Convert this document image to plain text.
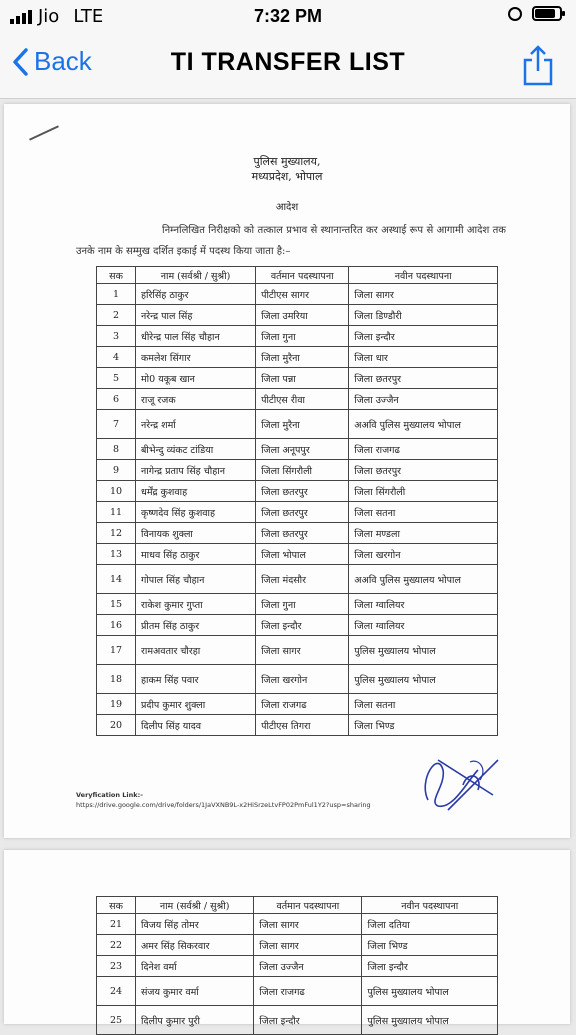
Jio LTE	7:32 PM
Back	TI TRANSFER LIST
पुलिस मुख्यालय,
मध्यप्रदेश, भोपाल
आदेश
निम्नलिखित निरीक्षको को तत्काल प्रभाव से स्थानान्तरित कर अस्थाई रूप से आगामी आदेश तक उनके नाम के सम्मुख दर्शित इकाई में पदस्थ किया जाता है:–
सक	नाम (सर्वश्री / सुश्री)	वर्तमान पदस्थापना	नवीन पदस्थापना
1	हरिसिंह ठाकुर	पीटीएस सागर	जिला सागर
2	नरेन्द्र पाल सिंह	जिला उमरिया	जिला डिण्डौरी
3	धीरेन्द्र पाल सिंह चौहान	जिला गुना	जिला इन्दौर
4	कमलेश सिंगार	जिला मुरैना	जिला धार
5	मो0 यकूब खान	जिला पन्ना	जिला छतरपुर
6	राजू रजक	पीटीएस रीवा	जिला उज्जैन
7	नरेन्द्र शर्मा	जिला मुरैना	अअवि पुलिस मुख्यालय भोपाल
8	बीभेन्दु व्यंकट टांडिया	जिला अनूपपुर	जिला राजगढ
9	नागेन्द्र प्रताप सिंह चौहान	जिला सिंगरौली	जिला छतरपुर
10	धर्मेंद्र कुशवाह	जिला छतरपुर	जिला सिंगरौली
11	कृष्णदेव सिंह कुशवाह	जिला छतरपुर	जिला सतना
12	विनायक शुक्ला	जिला छतरपुर	जिला मण्डला
13	माधव सिंह ठाकुर	जिला भोपाल	जिला खरगोन
14	गोपाल सिंह चौहान	जिला मंदसौर	अअवि पुलिस मुख्यालय भोपाल
15	राकेश कुमार गुप्ता	जिला गुना	जिला ग्वालियर
16	प्रीतम सिंह ठाकुर	जिला इन्दौर	जिला ग्वालियर
17	रामअवतार चौरहा	जिला सागर	पुलिस मुख्यालय भोपाल
18	हाकम सिंह पवार	जिला खरगोन	पुलिस मुख्यालय भोपाल
19	प्रदीप कुमार शुक्ला	जिला राजगढ	जिला सतना
20	दिलीप सिंह यादव	पीटीएस तिगरा	जिला भिण्ड
Veryfication Link:-
https://drive.google.com/drive/folders/1JaVXNB9L-x2HiSrzeLtvFP02PmFul1Y2?usp=sharing
सक	नाम (सर्वश्री / सुश्री)	वर्तमान पदस्थापना	नवीन पदस्थापना
21	विजय सिंह तोमर	जिला सागर	जिला दतिया
22	अमर सिंह सिकरवार	जिला सागर	जिला भिण्ड
23	दिनेश वर्मा	जिला उज्जैन	जिला इन्दौर
24	संजय कुमार वर्मा	जिला राजगढ	पुलिस मुख्यालय भोपाल
25	दिलीप कुमार पुरी	जिला इन्दौर	पुलिस मुख्यालय भोपाल
